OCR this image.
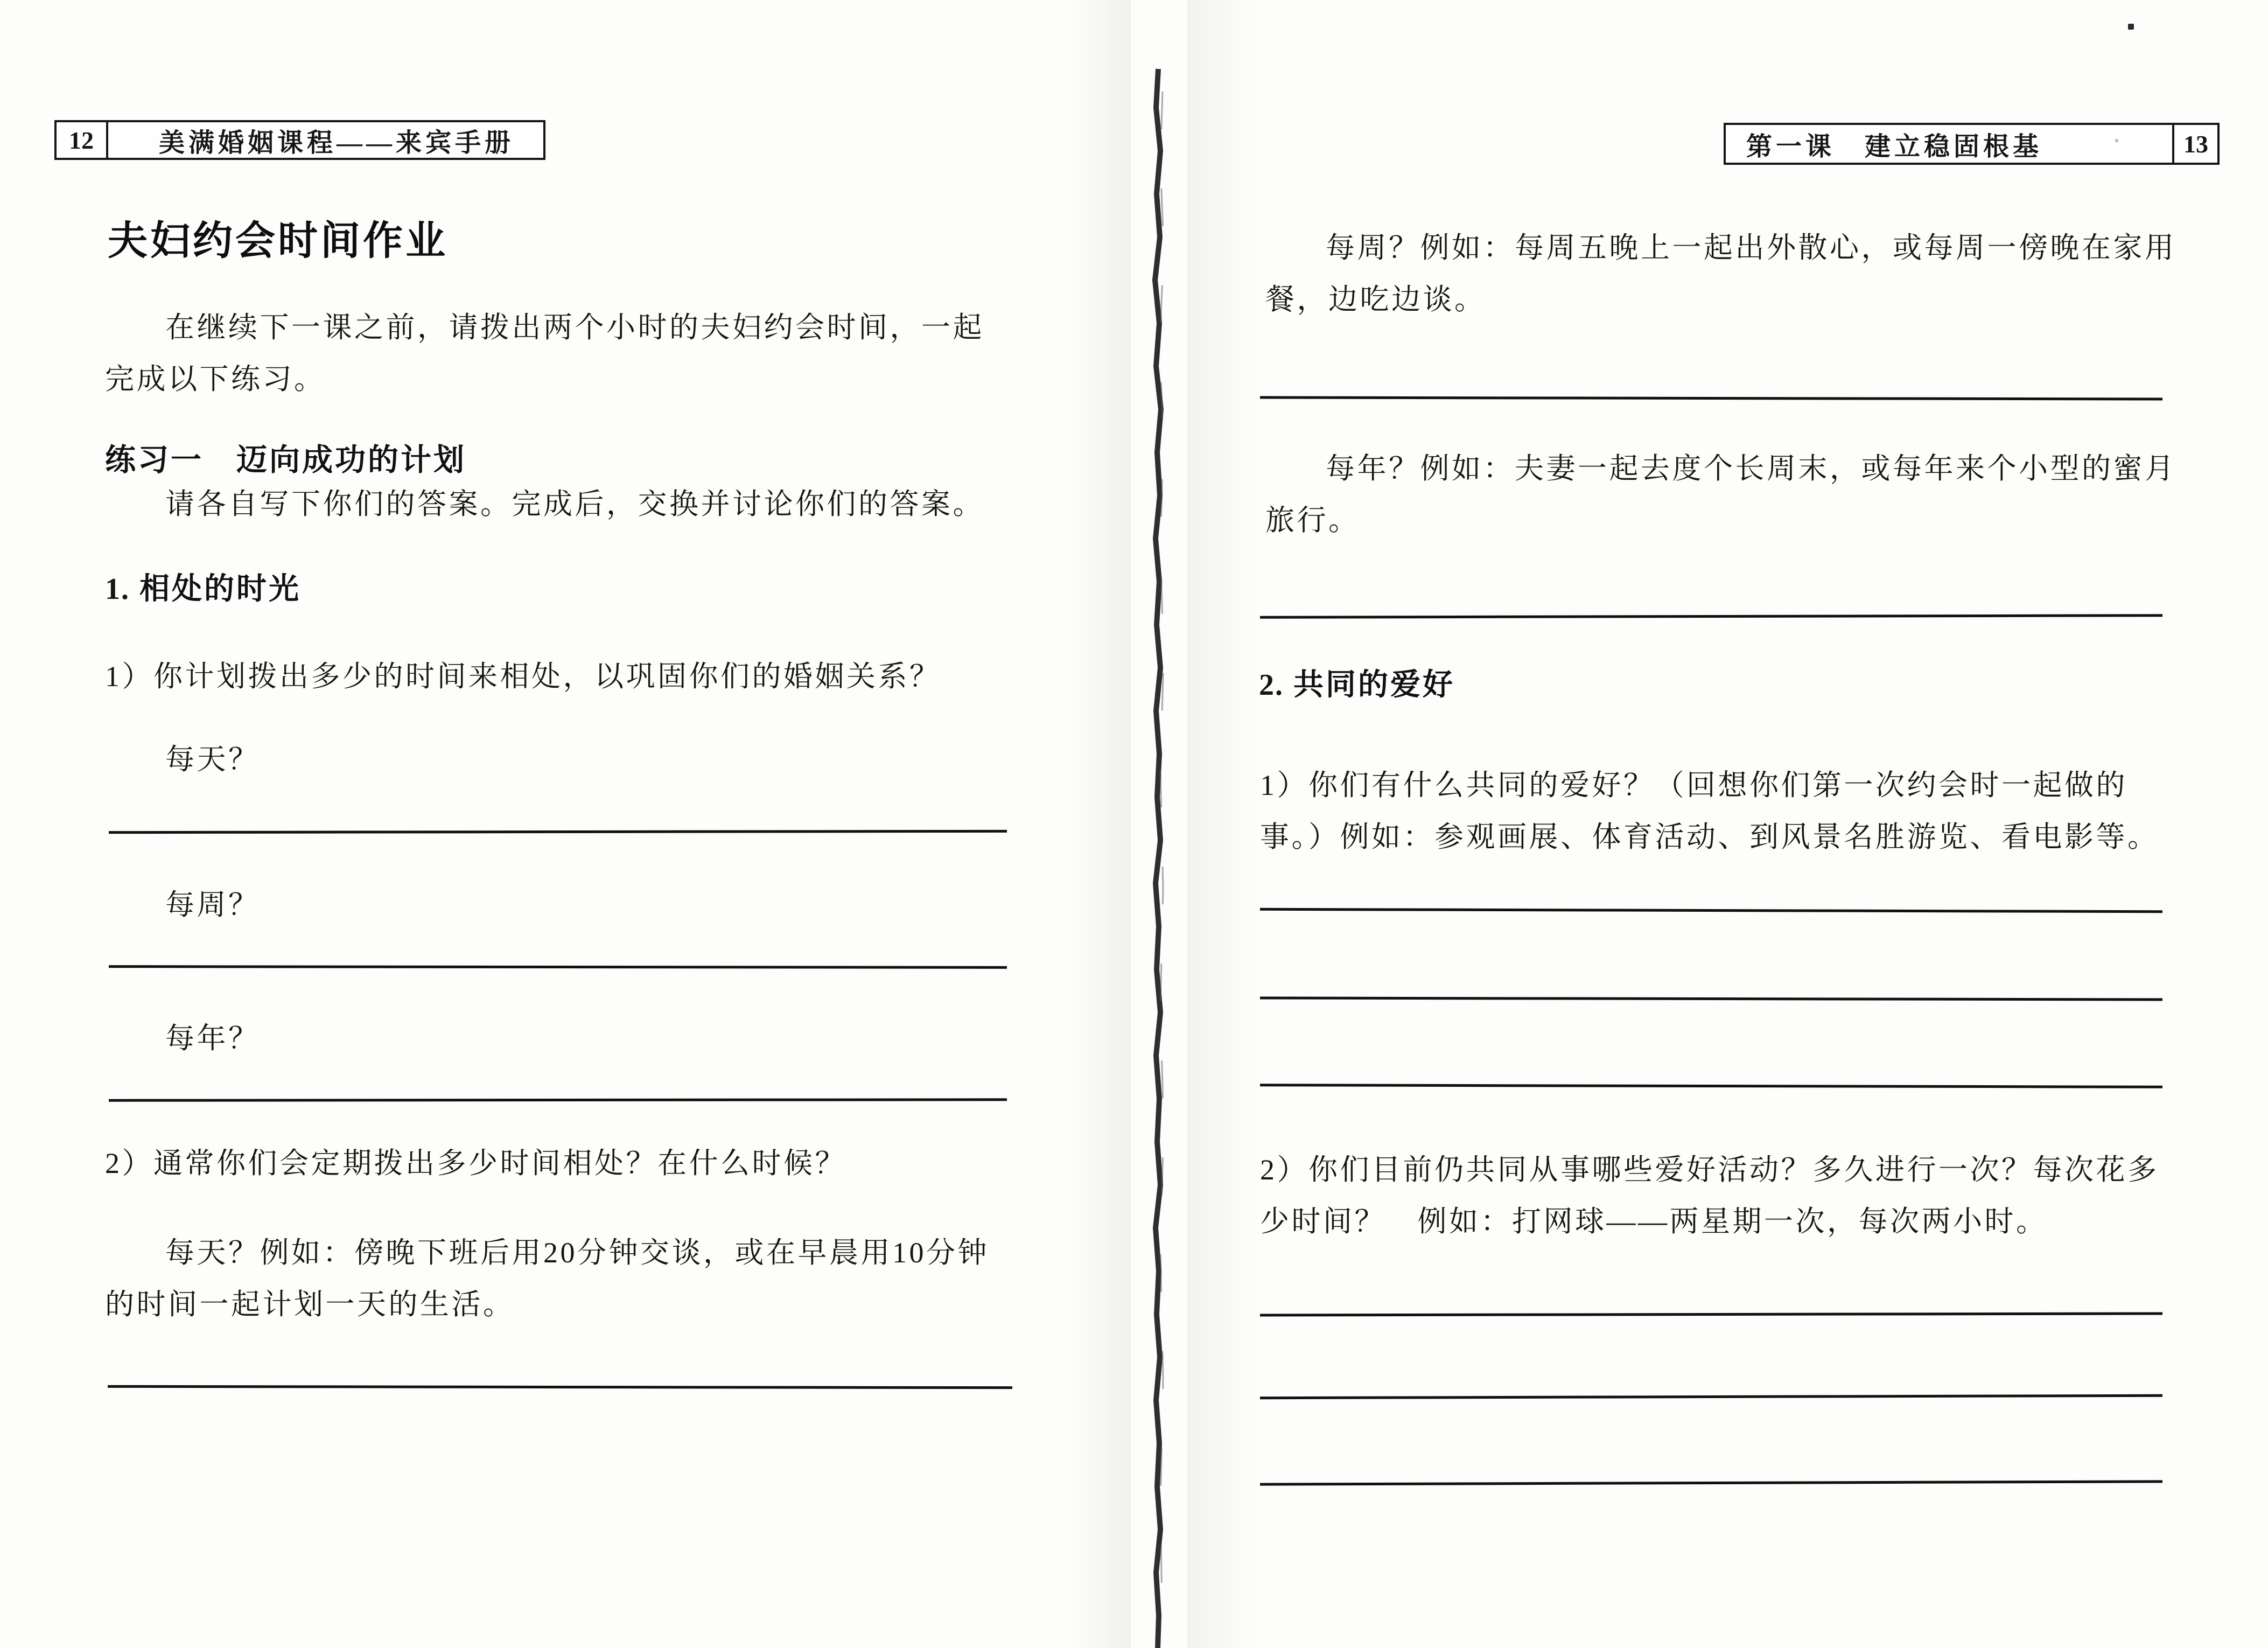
12	美满婚姻课程——来宾手册
夫妇约会时间作业
在继续下一课之前，请拨出两个小时的夫妇约会时间，一起完成以下练习。
练习一　迈向成功的计划
请各自写下你们的答案。完成后，交换并讨论你们的答案。
1. 相处的时光
1）你计划拨出多少的时间来相处，以巩固你们的婚姻关系？
每天？
每周？
每年？
2）通常你们会定期拨出多少时间相处？在什么时候？
每天？例如：傍晚下班后用20分钟交谈，或在早晨用10分钟的时间一起计划一天的生活。
第一课　建立稳固根基	13
每周？例如：每周五晚上一起出外散心，或每周一傍晚在家用餐，边吃边谈。
每年？例如：夫妻一起去度个长周末，或每年来个小型的蜜月旅行。
2. 共同的爱好
1）你们有什么共同的爱好？（回想你们第一次约会时一起做的事。）例如：参观画展、体育活动、到风景名胜游览、看电影等。
2）你们目前仍共同从事哪些爱好活动？多久进行一次？每次花多少时间？　例如：打网球——两星期一次，每次两小时。
